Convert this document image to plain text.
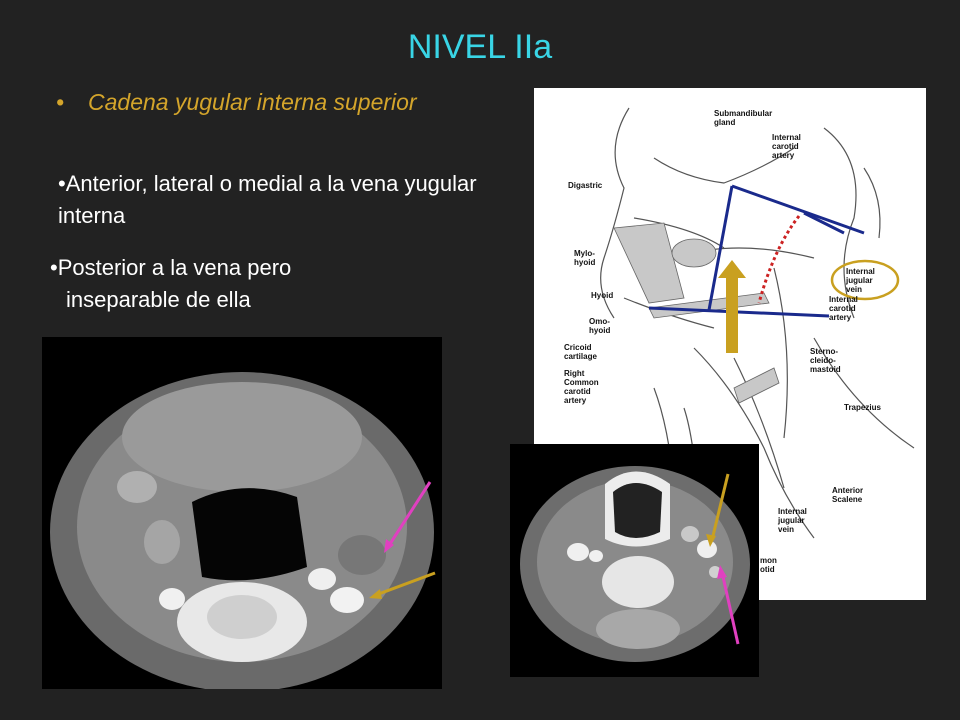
NIVEL IIa
• Cadena yugular interna superior
•Anterior, lateral o medial a la vena yugular interna
•Posterior a la vena pero
inseparable de ella
Submandibular gland
Internal carotid artery
Digastric
Mylo-hyoid
Internal jugular vein
Hyoid	Internal carotid artery
Omo-hyoid
Cricoid cartilage
Sterno-cleido-mastoid
Right Common carotid artery
Trapezius
Anterior Scalene
Internal jugular vein
mon otid
